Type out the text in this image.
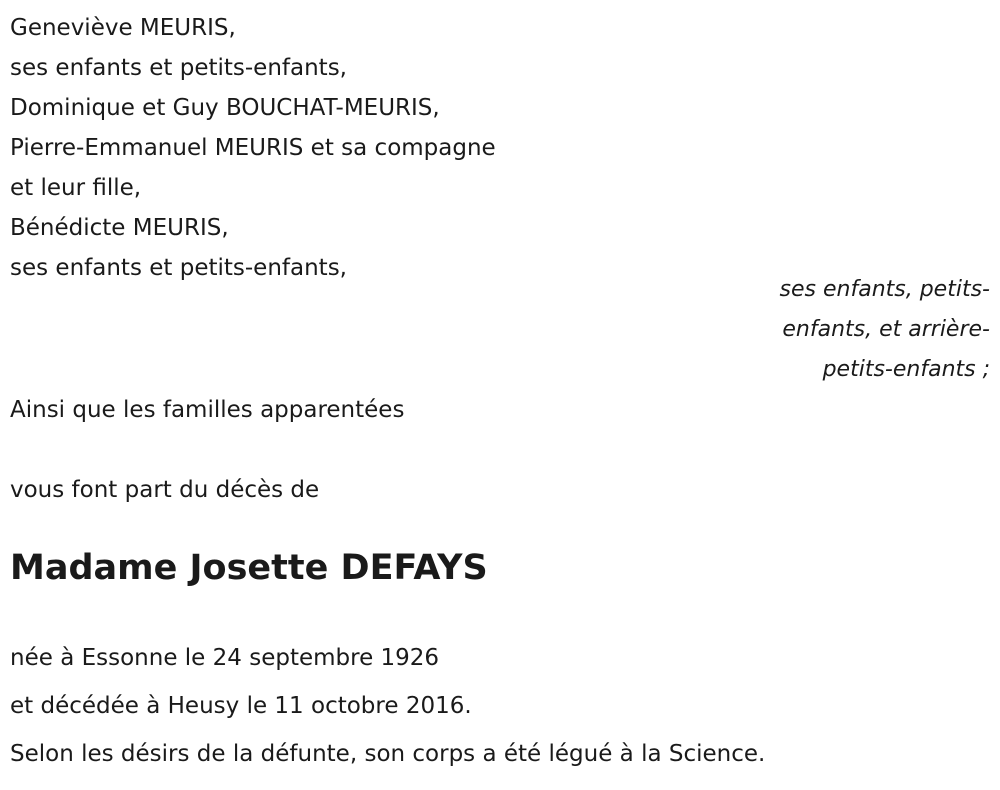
Geneviève MEURIS,
ses enfants et petits-enfants,
Dominique et Guy BOUCHAT-MEURIS,
Pierre-Emmanuel MEURIS et sa compagne
et leur fille,
Bénédicte MEURIS,
ses enfants et petits-enfants,
ses enfants, petits-
enfants, et arrière-
petits-enfants ;
Ainsi que les familles apparentées
vous font part du décès de
Madame Josette DEFAYS
née à Essonne le 24 septembre 1926
et décédée à Heusy le 11 octobre 2016.
Selon les désirs de la défunte, son corps a été légué à la Science.
